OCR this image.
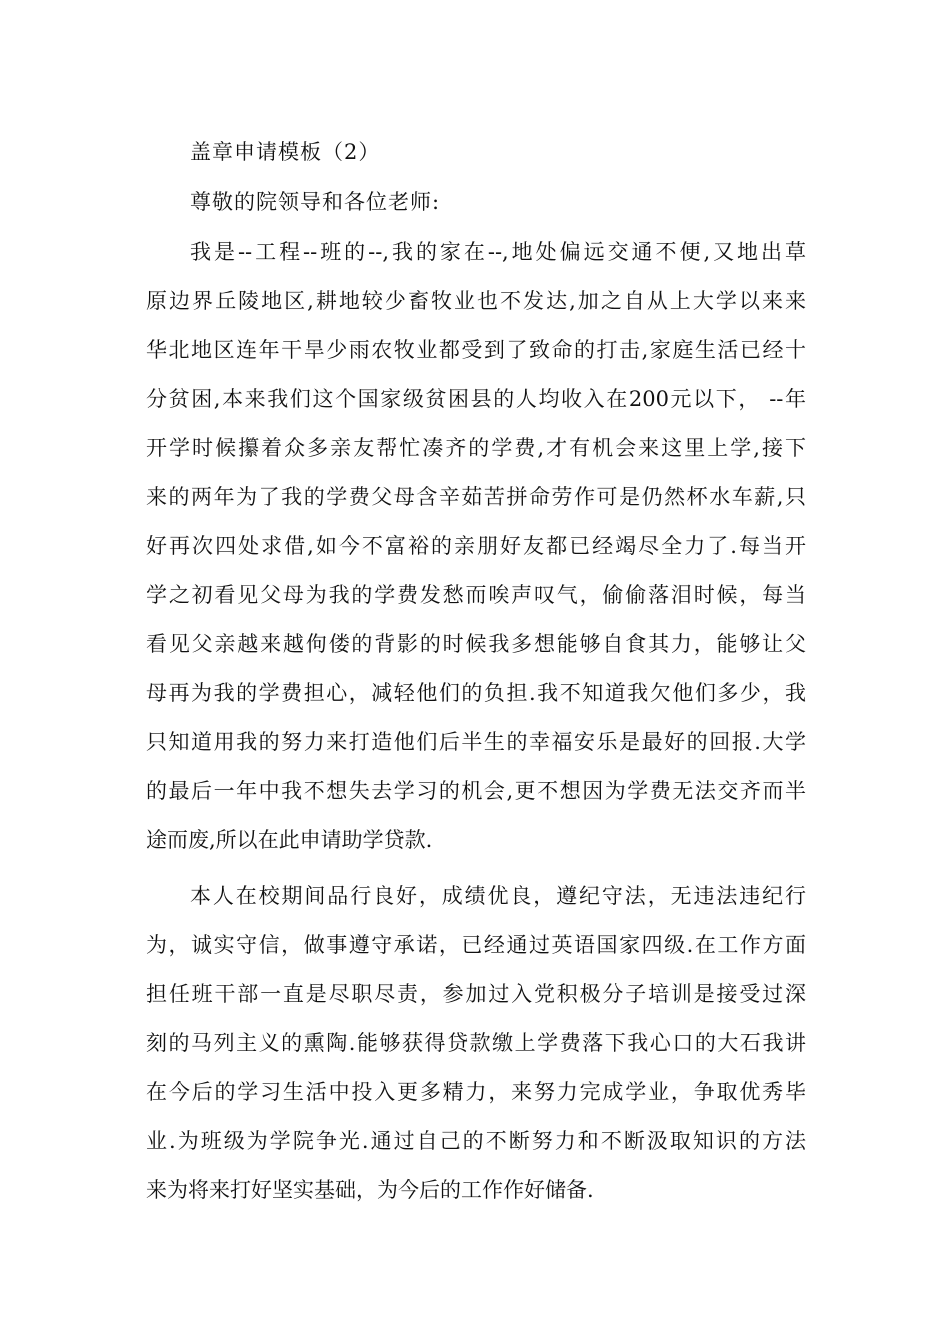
盖章申请模板（2）
尊敬的院领导和各位老师:
我是--工程--班的--,我的家在--,地处偏远交通不便,又地出草
原边界丘陵地区,耕地较少畜牧业也不发达,加之自从上大学以来来
华北地区连年干旱少雨农牧业都受到了致命的打击,家庭生活已经十
分贫困,本来我们这个国家级贫困县的人均收入在200元以下， --年
开学时候攥着众多亲友帮忙凑齐的学费,才有机会来这里上学,接下
来的两年为了我的学费父母含辛茹苦拼命劳作可是仍然杯水车薪,只
好再次四处求借,如今不富裕的亲朋好友都已经竭尽全力了.每当开
学之初看见父母为我的学费发愁而唉声叹气，偷偷落泪时候，每当
看见父亲越来越佝偻的背影的时候我多想能够自食其力，能够让父
母再为我的学费担心，减轻他们的负担.我不知道我欠他们多少，我
只知道用我的努力来打造他们后半生的幸福安乐是最好的回报.大学
的最后一年中我不想失去学习的机会,更不想因为学费无法交齐而半
途而废,所以在此申请助学贷款.
本人在校期间品行良好，成绩优良，遵纪守法，无违法违纪行
为，诚实守信，做事遵守承诺，已经通过英语国家四级.在工作方面
担任班干部一直是尽职尽责，参加过入党积极分子培训是接受过深
刻的马列主义的熏陶.能够获得贷款缴上学费落下我心口的大石我讲
在今后的学习生活中投入更多精力，来努力完成学业，争取优秀毕
业.为班级为学院争光.通过自己的不断努力和不断汲取知识的方法
来为将来打好坚实基础，为今后的工作作好储备.
